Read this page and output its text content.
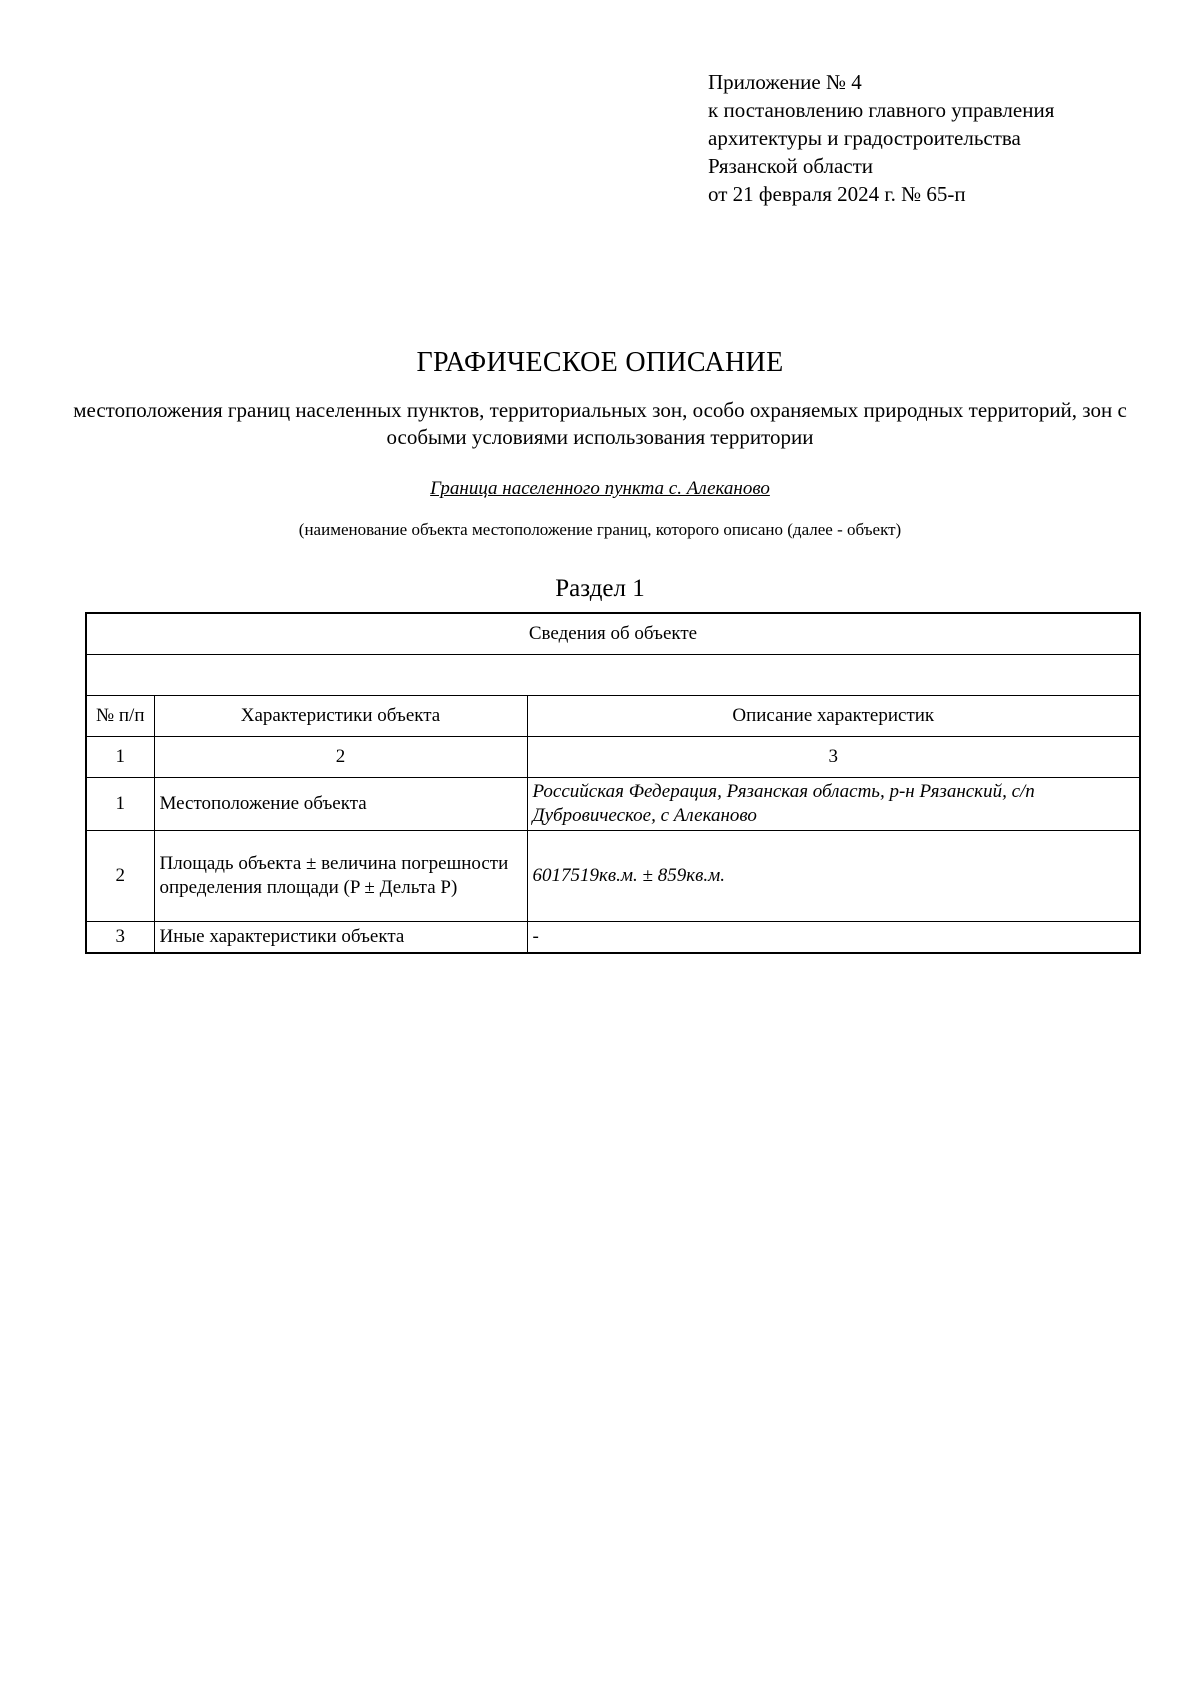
Приложение № 4
к постановлению главного управления
архитектуры и градостроительства
Рязанской области
от 21 февраля 2024 г. № 65-п
ГРАФИЧЕСКОЕ ОПИСАНИЕ
местоположения границ населенных пунктов, территориальных зон, особо охраняемых природных территорий, зон с особыми условиями использования территории
Граница населенного пункта с. Алеканово
(наименование объекта местоположение границ, которого описано (далее - объект)
Раздел 1
Сведения об объекте		

№ п/п	Характеристики объекта	Описание характеристик
1	2	3
1	Местоположение объекта	Российская Федерация, Рязанская область, р-н Рязанский, с/п Дубровическое, с Алеканово
2	Площадь объекта ± величина погрешности определения площади (P ± Дельта P)	6017519кв.м. ± 859кв.м.
3	Иные характеристики объекта	-
